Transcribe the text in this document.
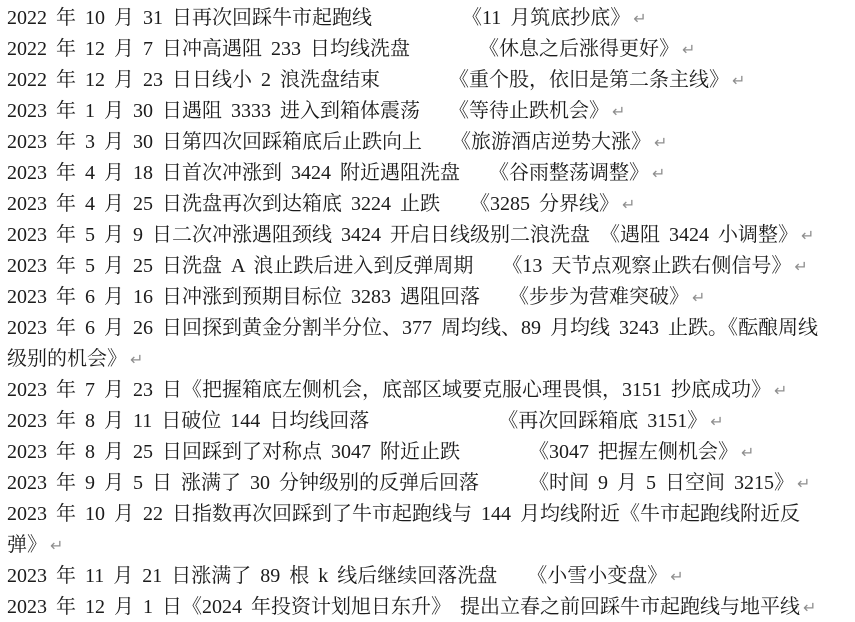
2022 年 10 月 31 日再次回踩牛市起跑线　　　　　《11 月筑底抄底》 ↵

2022 年 12 月 7 日冲高遇阻 233 日均线洗盘　　　 《休息之后涨得更好》 ↵

2022 年 12 月 23 日日线小 2 浪洗盘结束　　　 《重个股，依旧是第二条主线》 ↵

2023 年 1 月 30 日遇阻 3333 进入到箱体震荡　 《等待止跌机会》 ↵

2023 年 3 月 30 日第四次回踩箱底后止跌向上　 《旅游酒店逆势大涨》 ↵

2023 年 4 月 18 日首次冲涨到 3424 附近遇阻洗盘　 《谷雨整荡调整》 ↵

2023 年 4 月 25 日洗盘再次到达箱底 3224 止跌　　《3285 分界线》 ↵

2023 年 5 月 9 日二次冲涨遇阻颈线 3424 开启日线级别二浪洗盘　《遇阻 3424 小调整》 ↵

2023 年 5 月 25 日洗盘 A 浪止跌后进入到反弹周期　 《13 天节点观察止跌右侧信号》 ↵

2023 年 6 月 16 日冲涨到预期目标位 3283 遇阻回落　 《步步为营难突破》 ↵

2023 年 6 月 26 日回探到黄金分割半分位、377 周均线、89 月均线 3243 止跌。《酝酿周线
级别的机会》 ↵

2023 年 7 月 23 日《把握箱底左侧机会，底部区域要克服心理畏惧，3151 抄底成功》 ↵

2023 年 8 月 11 日破位 144 日均线回落　　　　　　 《再次回踩箱底 3151》 ↵

2023 年 8 月 25 日回踩到了对称点 3047 附近止跌　　　 《3047 把握左侧机会》 ↵

2023 年 9 月 5 日 涨满了 30 分钟级别的反弹后回落　　　《时间 9 月 5 日空间 3215》 ↵

2023 年 10 月 22 日指数再次回踩到了牛市起跑线与 144 月均线附近《牛市起跑线附近反
弹》 ↵

2023 年 11 月 21 日涨满了 89 根 k 线后继续回落洗盘　　《小雪小变盘》 ↵

2023 年 12 月 1 日《2024 年投资计划旭日东升》 提出立春之前回踩牛市起跑线与地平线 ↵
